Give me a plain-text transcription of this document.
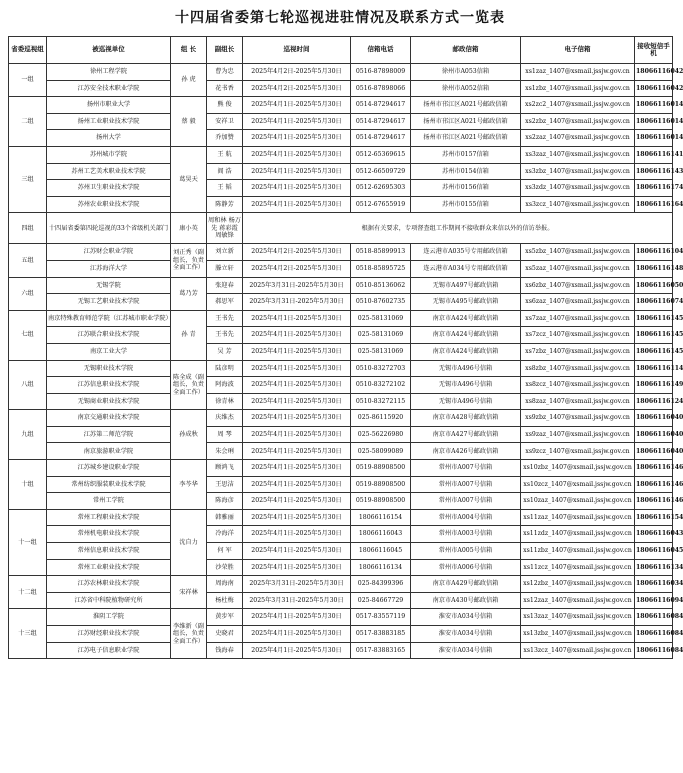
十四届省委第七轮巡视进驻情况及联系方式一览表
省委巡视组	被巡视单位	组 长	副组长	巡视时间	信箱电话	邮政信箱	电子信箱	接收短信手机
一组	徐州工程学院	孙 虎	曹为忠	2025年4月2日-2025年5月30日	0516-87898009	徐州市A053信箱	xs1zaz_1407@xsmail.jssjw.gov.cn	18066116042
	江苏安全技术职业学院		花书香	2025年4月2日-2025年5月30日	0516-87898066	徐州市A052信箱	xs1zbz_1407@xsmail.jssjw.gov.cn	18066116042
二组	扬州市职业大学	蔡 毅	熊 俊	2025年4月1日-2025年5月30日	0514-87294617	扬州市邗江区A021号邮政信箱	xs2zc2_1407@xsmail.jssjw.gov.cn	18066116014
	扬州工业职业技术学院		安祥卫	2025年4月1日-2025年5月30日	0514-87294617	扬州市邗江区A021号邮政信箱	xs2zbz_1407@xsmail.jssjw.gov.cn	18066116014
	扬州大学		乔加赞	2025年4月1日-2025年5月30日	0514-87294617	扬州市邗江区A021号邮政信箱	xs2zaz_1407@xsmail.jssjw.gov.cn	18066116014
三组	苏州城市学院	葛昊天	王 航	2025年4月1日-2025年5月30日	0512-65369615	苏州市0157信箱	xs3zaz_1407@xsmail.jssjw.gov.cn	18066116141
	苏州工艺美术职业技术学院		阎 浩	2025年4月1日-2025年5月30日	0512-66509729	苏州市0154信箱	xs3zbz_1407@xsmail.jssjw.gov.cn	18066116143
	苏州卫生职业技术学院		王 韬	2025年4月1日-2025年5月30日	0512-62695303	苏州市0156信箱	xs3zdz_1407@xsmail.jssjw.gov.cn	18066116174
	苏州农业职业技术学院		陈静芳	2025年4月1日-2025年5月30日	0512-67655919	苏州市0155信箱	xs3zcz_1407@xsmail.jssjw.gov.cn	18066116164
四组	十四届省委第四轮巡视的33个省级机关部门	康小英	周和林 杨万先 蒋彩霞 周敏锋	根据有关要求，专项督查组工作期间不接收群众来信以外的信访举报。				
五组	江苏财会职业学院	刘正秀（副组长，负责全面工作）	刘立新	2025年4月2日-2025年5月30日	0518-85899913	连云港市A035号专用邮政信箱	xs5zbz_1407@xsmail.jssjw.gov.cn	18066116104
	江苏海洋大学		滕立轩	2025年4月2日-2025年5月30日	0518-85895725	连云港市A034号专用邮政信箱	xs5zaz_1407@xsmail.jssjw.gov.cn	18066116148
六组	无锡学院	葛乃芳	张迎春	2025年3月31日-2025年5月30日	0510-85136062	无锡市A497号邮政信箱	xs6zbz_1407@xsmail.jssjw.gov.cn	18066116050
	无锡工艺职业技术学院		郝思军	2025年3月31日-2025年5月30日	0510-87602735	无锡市A495号邮政信箱	xs6zaz_1407@xsmail.jssjw.gov.cn	18066116074
七组	南京特殊教育师范学院（江苏城市职业学院）	孙 青	王书先	2025年4月1日-2025年5月30日	025-58131069	南京市A424号邮政信箱	xs7zaz_1407@xsmail.jssjw.gov.cn	18066116145
	江苏联合职业技术学院		王书先	2025年4月1日-2025年5月30日	025-58131069	南京市A424号邮政信箱	xs7zcz_1407@xsmail.jssjw.gov.cn	18066116145
	南京工业大学		吴 芳	2025年4月1日-2025年5月30日	025-58131069	南京市A424号邮政信箱	xs7zbz_1407@xsmail.jssjw.gov.cn	18066116145
八组	无锡职业技术学院	陈全成（副组长，负责全面工作）	陆彦明	2025年4月1日-2025年5月30日	0510-83272703	无锡市A496号信箱	xs8zbz_1407@xsmail.jssjw.gov.cn	18066116114
	江苏信息职业技术学院		阿海波	2025年4月1日-2025年5月30日	0510-83272102	无锡市A496号信箱	xs8zcz_1407@xsmail.jssjw.gov.cn	18066116149
	无锡商业职业技术学院		徐青林	2025年4月1日-2025年5月30日	0510-83272115	无锡市A496号信箱	xs8zaz_1407@xsmail.jssjw.gov.cn	18066116124
九组	南京交通职业技术学院	孙成秋	庆维杰	2025年4月1日-2025年5月30日	025-86115920	南京市A428号邮政信箱	xs9zbz_1407@xsmail.jssjw.gov.cn	18066116040
	江苏第二师范学院		周 琴	2025年4月1日-2025年5月30日	025-56226980	南京市A427号邮政信箱	xs9zaz_1407@xsmail.jssjw.gov.cn	18066116040
	南京旅游职业学院		朱会琍	2025年4月1日-2025年5月30日	025-58099089	南京市A426号邮政信箱	xs9zcz_1407@xsmail.jssjw.gov.cn	18066116040
十组	江苏城乡建设职业学院	李芩华	顾鸿飞	2025年4月1日-2025年5月30日	0519-88908500	常州市A007号信箱	xs10zbz_1407@xsmail.jssjw.gov.cn	18066116146
	常州纺织服装职业技术学院		王思洁	2025年4月1日-2025年5月30日	0519-88908500	常州市A007号信箱	xs10zcz_1407@xsmail.jssjw.gov.cn	18066116146
	常州工学院		陈海彦	2025年4月1日-2025年5月30日	0519-88908500	常州市A007号信箱	xs10zaz_1407@xsmail.jssjw.gov.cn	18066116146
十一组	常州工程职业技术学院	沈自力	韩雅丽	2025年4月1日-2025年5月30日	18066116154	常州市A004号信箱	xs11zaz_1407@xsmail.jssjw.gov.cn	18066116154
	常州机电职业技术学院		冷海洋	2025年4月1日-2025年5月30日	18066116043	常州市A003号信箱	xs11zdz_1407@xsmail.jssjw.gov.cn	18066116043
	常州信息职业技术学院		何 军	2025年4月1日-2025年5月30日	18066116045	常州市A005号信箱	xs11zbz_1407@xsmail.jssjw.gov.cn	18066116045
	常州工业职业技术学院		沙荣胜	2025年4月1日-2025年5月30日	18066116134	常州市A006号信箱	xs11zcz_1407@xsmail.jssjw.gov.cn	18066116134
十二组	江苏农林职业技术学院	宋祥林	周海南	2025年3月31日-2025年5月30日	025-84399396	南京市A429号邮政信箱	xs12zbz_1407@xsmail.jssjw.gov.cn	18066116034
	江苏省中科院植物研究所		杨杜梅	2025年3月31日-2025年5月30日	025-84667729	南京市A430号邮政信箱	xs12zaz_1407@xsmail.jssjw.gov.cn	18066116094
十三组	淮阴工学院	李维新（副组长，负责全面工作）	黄步军	2025年4月1日-2025年5月30日	0517-83557119	淮安市A034号信箱	xs13zaz_1407@xsmail.jssjw.gov.cn	18066116084
	江苏财经职业技术学院		史晓君	2025年4月1日-2025年5月30日	0517-83883185	淮安市A034号信箱	xs13zbz_1407@xsmail.jssjw.gov.cn	18066116084
	江苏电子信息职业学院		钱海春	2025年4月1日-2025年5月30日	0517-83883165	淮安市A034号信箱	xs13zcz_1407@xsmail.jssjw.gov.cn	18066116084
